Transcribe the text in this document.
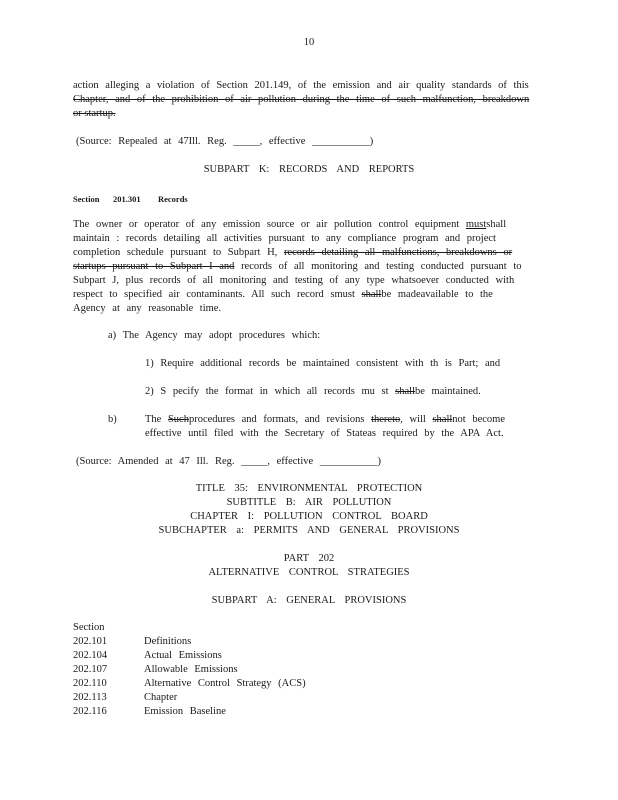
10
action alleging a violation of Section 201.149, of the emission and air quality standards of this
Chapter, and of the prohibition of air pollution during the time of such malfunction, breakdown
or startup.
(Source: Repealed at 47Ill. Reg. _____, effective ___________)
SUBPART K: RECORDS AND REPORTS
Section 201.301 Records
The owner or operator of any emission source or air pollution control equipment mustshall
maintain : records detailing all activities pursuant to any compliance program and project
completion schedule pursuant to Subpart H, records detailing all malfunctions, breakdowns or
startups pursuant to Subpart I and records of all monitoring and testing conducted pursuant to
Subpart J, plus records of all monitoring and testing of any type whatsoever conducted with
respect to specified air contaminants. All such record smust shallbe madeavailable to the
Agency at any reasonable time.
a) The Agency may adopt procedures which:
1) Require additional records be maintained consistent with th is Part; and
2) S pecify the format in which all records mu st shallbe maintained.
b)	The Suchprocedures and formats, and revisions thereto, will shallnot become
effective until filed with the Secretary of Stateas required by the APA Act.
(Source: Amended at 47 Ill. Reg. _____, effective ___________)
TITLE 35: ENVIRONMENTAL PROTECTION
SUBTITLE B: AIR POLLUTION
CHAPTER I: POLLUTION CONTROL BOARD
SUBCHAPTER a: PERMITS AND GENERAL PROVISIONS
PART 202
ALTERNATIVE CONTROL STRATEGIES
SUBPART A: GENERAL PROVISIONS
Section
202.101	Definitions
202.104	Actual Emissions
202.107	Allowable Emissions
202.110	Alternative Control Strategy (ACS)
202.113	Chapter
202.116	Emission Baseline
